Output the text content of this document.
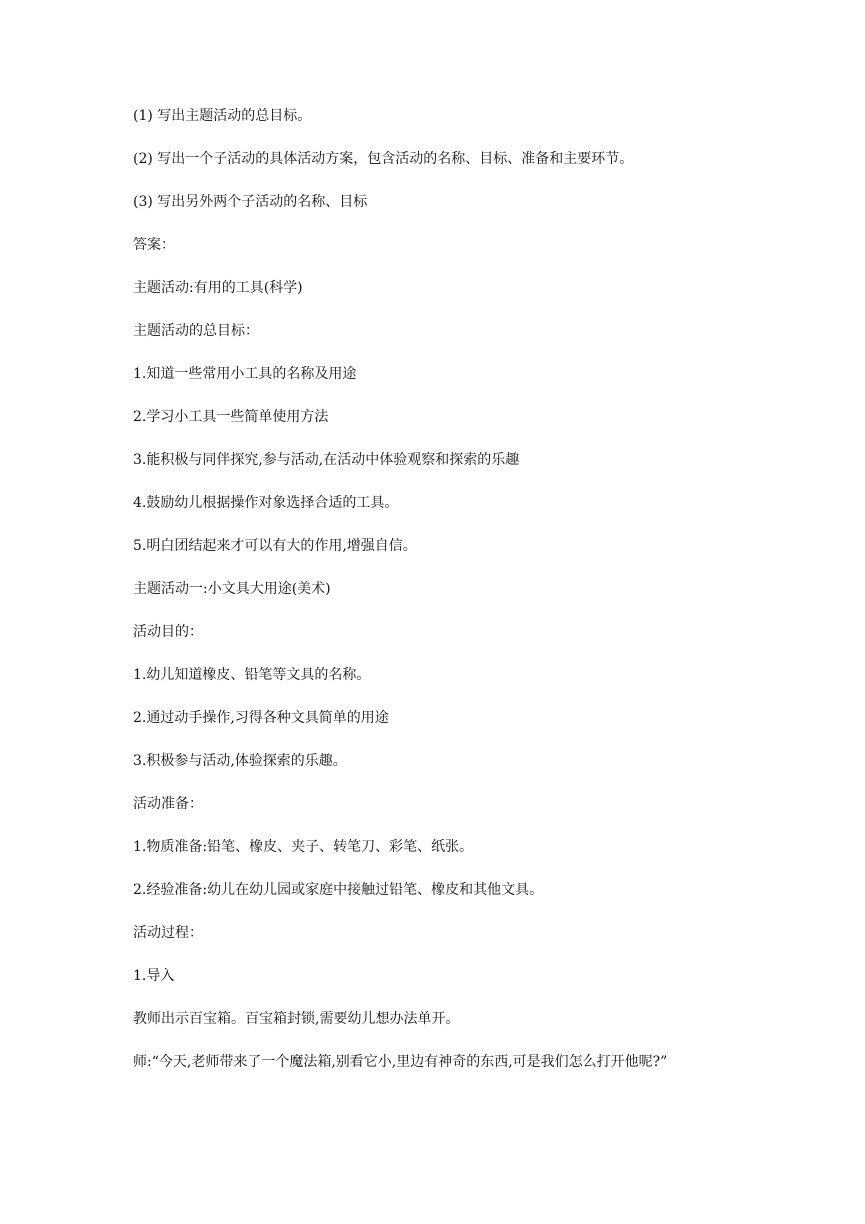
(1) 写出主题活动的总目标。

(2) 写出一个子活动的具体活动方案，包含活动的名称、目标、准备和主要环节。

(3) 写出另外两个子活动的名称、目标

答案：

主题活动:有用的工具(科学)

主题活动的总目标：

1.知道一些常用小工具的名称及用途

2.学习小工具一些简单使用方法

3.能积极与同伴探究,参与活动,在活动中体验观察和探索的乐趣

4.鼓励幼儿根据操作对象选择合适的工具。

5.明白团结起来才可以有大的作用,增强自信。

主题活动一:小文具大用途(美术)

活动目的：

1.幼儿知道橡皮、铅笔等文具的名称。

2.通过动手操作,习得各种文具简单的用途

3.积极参与活动,体验探索的乐趣。

活动准备：

1.物质准备:铅笔、橡皮、夹子、转笔刀、彩笔、纸张。

2.经验准备:幼儿在幼儿园或家庭中接触过铅笔、橡皮和其他文具。

活动过程：

1.导入

教师出示百宝箱。百宝箱封锁,需要幼儿想办法单开。

师:“今天,老师带来了一个魔法箱,别看它小,里边有神奇的东西,可是我们怎么打开他呢?”
